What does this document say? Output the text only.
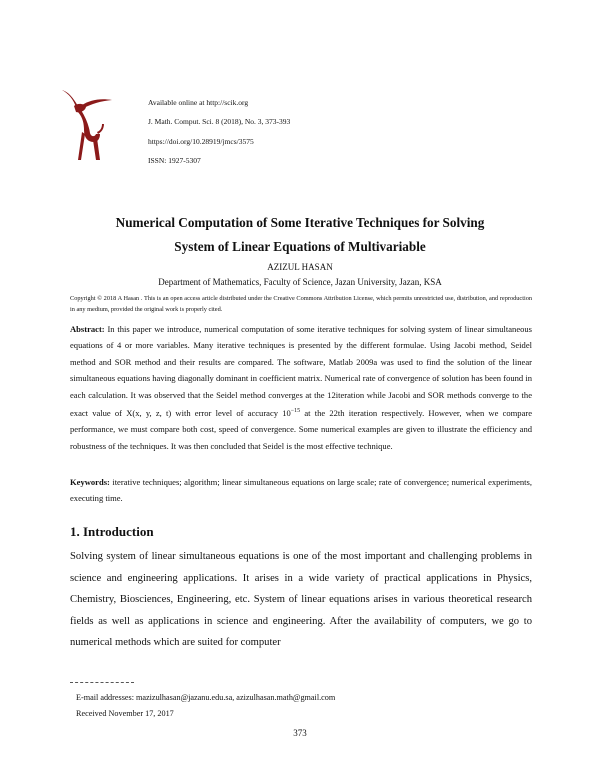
Available online at http://scik.org
J. Math. Comput. Sci. 8 (2018), No. 3, 373-393
https://doi.org/10.28919/jmcs/3575
ISSN: 1927-5307
Numerical Computation of Some Iterative Techniques for Solving
System of Linear Equations of Multivariable
AZIZUL HASAN
Department of Mathematics, Faculty of Science, Jazan University, Jazan, KSA
Copyright © 2018 A Hasan . This is an open access article distributed under the Creative Commons Attribution License, which permits unrestricted use, distribution, and reproduction in any medium, provided the original work is properly cited.
Abstract: In this paper we introduce, numerical computation of some iterative techniques for solving system of linear simultaneous equations of 4 or more variables. Many iterative techniques is presented by the different formulae. Using Jacobi method, Seidel method and SOR method and their results are compared. The software, Matlab 2009a was used to find the solution of the linear simultaneous equations having diagonally dominant in coefficient matrix. Numerical rate of convergence of solution has been found in each calculation. It was observed that the Seidel method converges at the 12iteration while Jacobi and SOR methods converge to the exact value of X(x, y, z, t) with error level of accuracy $10^{-15}$ at the 22th iteration respectively. However, when we compare performance, we must compare both cost, speed of convergence. Some numerical examples are given to illustrate the efficiency and robustness of the techniques. It was then concluded that Seidel is the most effective technique.
Keywords: iterative techniques; algorithm; linear simultaneous equations on large scale; rate of convergence; numerical experiments, executing time.
1. Introduction
Solving system of linear simultaneous equations is one of the most important and challenging problems in science and engineering applications. It arises in a wide variety of practical applications in Physics, Chemistry, Biosciences, Engineering, etc. System of linear equations arises in various theoretical research fields as well as applications in science and engineering. After the availability of computers, we go to numerical methods which are suited for computer
E-mail addresses: mazizulhasan@jazanu.edu.sa, azizulhasan.math@gmail.com
Received November 17, 2017
373
